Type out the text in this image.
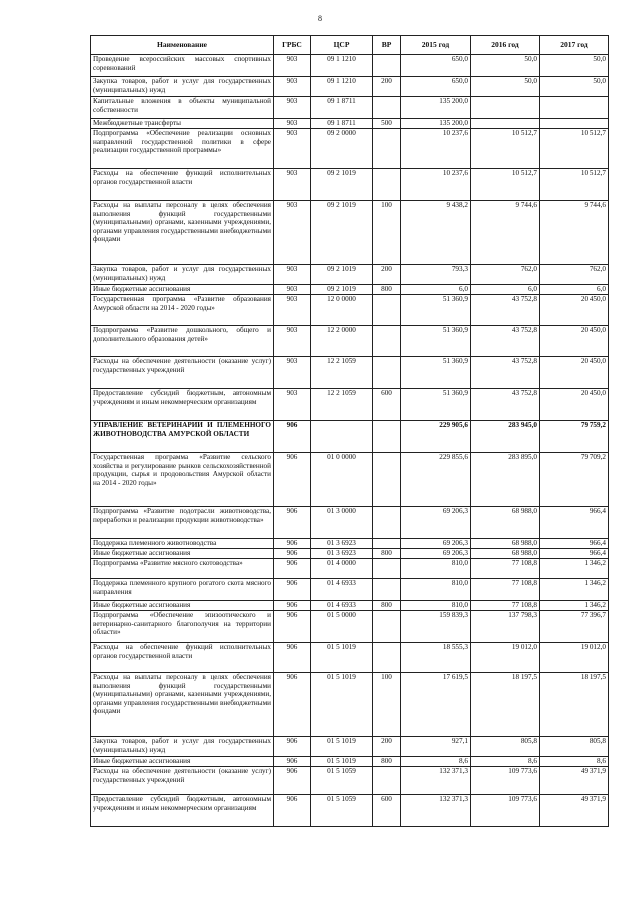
8
Наименование	ГРБС	ЦСР	ВР	2015 год	2016 год	2017 год
Проведение всероссийских массовых спортивных соревнований	903	09 1 1210		650,0	50,0	50,0
Закупка товаров, работ и услуг для государственных (муниципальных) нужд	903	09 1 1210	200	650,0	50,0	50,0
Капитальные вложения в объекты муниципальной собственности	903	09 1 8711		135 200,0		
Межбюджетные трансферты	903	09 1 8711	500	135 200,0		
Подпрограмма «Обеспечение реализации основных направлений государственной политики в сфере реализации государственной программы»	903	09 2 0000		10 237,6	10 512,7	10 512,7
Расходы на обеспечение функций исполнительных органов государственной власти	903	09 2 1019		10 237,6	10 512,7	10 512,7
Расходы на выплаты персоналу в целях обеспечения выполнения функций государственными (муниципальными) органами, казенными учреждениями, органами управления государственными внебюджетными фондами	903	09 2 1019	100	9 438,2	9 744,6	9 744,6
Закупка товаров, работ и услуг для государственных (муниципальных) нужд	903	09 2 1019	200	793,3	762,0	762,0
Иные бюджетные ассигнования	903	09 2 1019	800	6,0	6,0	6,0
Государственная программа «Развитие образования Амурской области на 2014 - 2020 годы»	903	12 0 0000		51 360,9	43 752,8	20 450,0
Подпрограмма «Развитие дошкольного, общего и дополнительного образования детей»	903	12 2 0000		51 360,9	43 752,8	20 450,0
Расходы на обеспечение деятельности (оказание услуг) государственных учреждений	903	12 2 1059		51 360,9	43 752,8	20 450,0
Предоставление субсидий бюджетным, автономным учреждениям и иным некоммерческим организациям	903	12 2 1059	600	51 360,9	43 752,8	20 450,0
УПРАВЛЕНИЕ ВЕТЕРИНАРИИ И ПЛЕМЕННОГО ЖИВОТНОВОДСТВА АМУРСКОЙ ОБЛАСТИ	906			229 905,6	283 945,0	79 759,2
Государственная программа «Развитие сельского хозяйства и регулирование рынков сельскохозяйственной продукции, сырья и продовольствия Амурской области на 2014 - 2020 годы»	906	01 0 0000		229 855,6	283 895,0	79 709,2
Подпрограмма «Развитие подотрасли животноводства, переработки и реализации продукции животноводства»	906	01 3 0000		69 206,3	68 988,0	966,4
Поддержка племенного животноводства	906	01 3 6923		69 206,3	68 988,0	966,4
Иные бюджетные ассигнования	906	01 3 6923	800	69 206,3	68 988,0	966,4
Подпрограмма «Развитие мясного скотоводства»	906	01 4 0000		810,0	77 108,8	1 346,2
Поддержка племенного крупного рогатого скота мясного направления	906	01 4 6933		810,0	77 108,8	1 346,2
Иные бюджетные ассигнования	906	01 4 6933	800	810,0	77 108,8	1 346,2
Подпрограмма «Обеспечение эпизоотического и ветеринарно-санитарного благополучия на территории области»	906	01 5 0000		159 839,3	137 798,3	77 396,7
Расходы на обеспечение функций исполнительных органов государственной власти	906	01 5 1019		18 555,3	19 012,0	19 012,0
Расходы на выплаты персоналу в целях обеспечения выполнения функций государственными (муниципальными) органами, казенными учреждениями, органами управления государственными внебюджетными фондами	906	01 5 1019	100	17 619,5	18 197,5	18 197,5
Закупка товаров, работ и услуг для государственных (муниципальных) нужд	906	01 5 1019	200	927,1	805,8	805,8
Иные бюджетные ассигнования	906	01 5 1019	800	8,6	8,6	8,6
Расходы на обеспечение деятельности (оказание услуг) государственных учреждений	906	01 5 1059		132 371,3	109 773,6	49 371,9
Предоставление субсидий бюджетным, автономным учреждениям и иным некоммерческим организациям	906	01 5 1059	600	132 371,3	109 773,6	49 371,9
